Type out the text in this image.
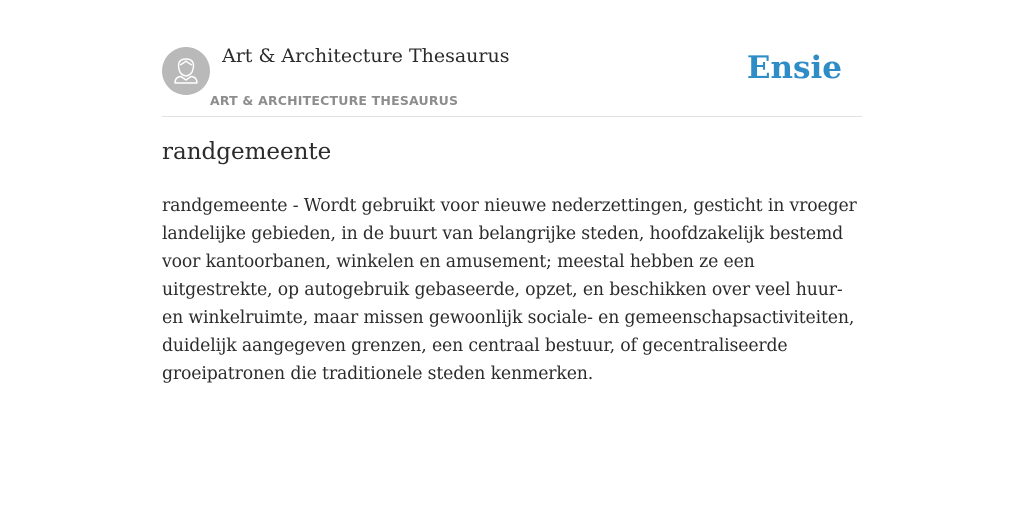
Art & Architecture Thesaurus
ART & ARCHITECTURE THESAURUS
Ensie
randgemeente

randgemeente - Wordt gebruikt voor nieuwe nederzettingen, gesticht in vroeger landelijke gebieden, in de buurt van belangrijke steden, hoofdzakelijk bestemd voor kantoorbanen, winkelen en amusement; meestal hebben ze een uitgestrekte, op autogebruik gebaseerde, opzet, en beschikken over veel huur- en winkelruimte, maar missen gewoonlijk sociale- en gemeenschapsactiviteiten, duidelijk aangegeven grenzen, een centraal bestuur, of gecentraliseerde groeipatronen die traditionele steden kenmerken.
